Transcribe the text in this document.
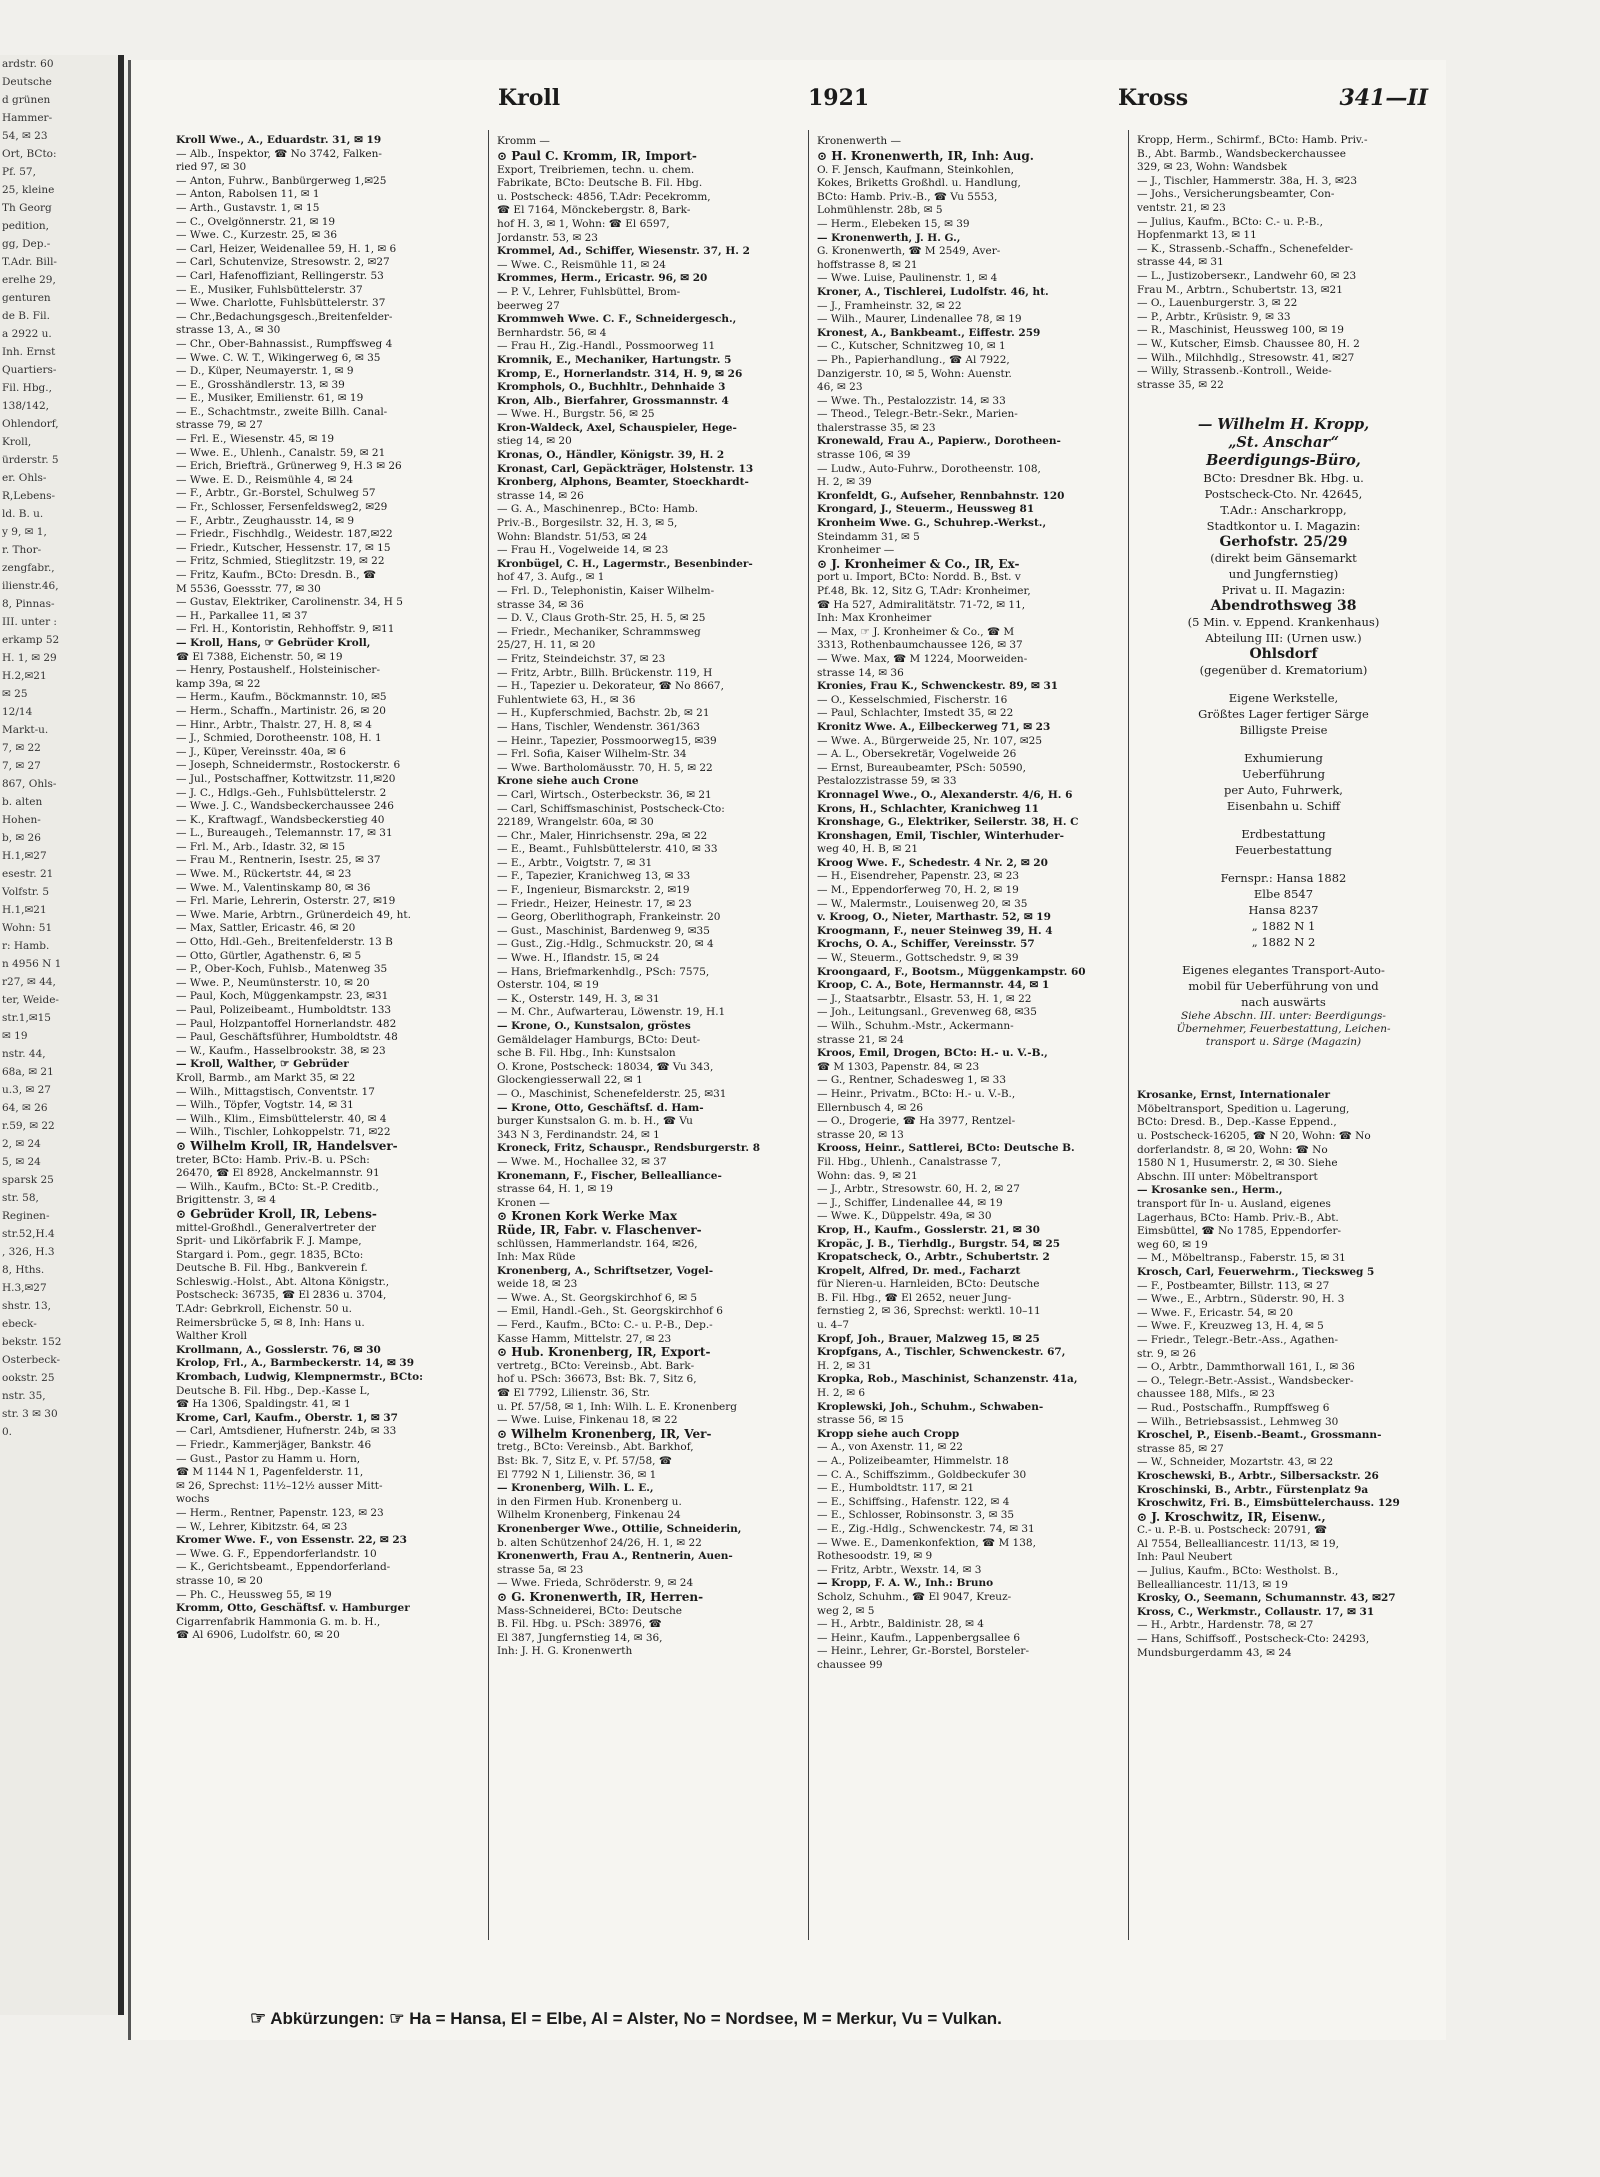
ardstr. 60
Deutsche
d grünen
Hammer-
54, ✉ 23
Ort, BCto:
Pf. 57,
25, kleine
Th Georg
pedition,
gg, Dep.-
T.Adr. Bill-
erelhe 29,
genturen
de B. Fil.
a 2922 u.
Inh. Ernst
Quartiers-
Fil. Hbg.,
138/142,
Ohlendorf,
Kroll,
ürderstr. 5
er. Ohls-
R,Lebens-
ld. B. u.
y 9, ✉ 1,
r. Thor-
zengfabr.,
ilienstr.46,
8, Pinnas-
III. unter :
erkamp 52
H. 1, ✉ 29
H.2,✉21
✉ 25
12/14
Markt-u.
7, ✉ 22
7, ✉ 27
867, Ohls-
b. alten
Hohen-
b, ✉ 26
H.1,✉27
esestr. 21
Volfstr. 5
H.1,✉21
Wohn: 51
r: Hamb.
n 4956 N 1
r27, ✉ 44,
ter, Weide-
str.1,✉15
✉ 19
nstr. 44,
68a, ✉ 21
u.3, ✉ 27
64, ✉ 26
r.59, ✉ 22
2, ✉ 24
5, ✉ 24
sparsk 25
str. 58,
Reginen-
str.52,H.4
, 326, H.3
8, Hths.
H.3,✉27
shstr. 13,
ebeck-
bekstr. 152
Osterbeck-
ookstr. 25
nstr. 35,
str. 3 ✉ 30
0.
Kroll	1921	Kross	341—II
Kroll Wwe., A., Eduardstr. 31, ✉ 19
— Alb., Inspektor, ☎ No 3742, Falken-
ried 97, ✉ 30
— Anton, Fuhrw., Banbürgerweg 1,✉25
— Anton, Rabolsen 11, ✉ 1
— Arth., Gustavstr. 1, ✉ 15
— C., Ovelgönnerstr. 21, ✉ 19
— Wwe. C., Kurzestr. 25, ✉ 36
— Carl, Heizer, Weidenallee 59, H. 1, ✉ 6
— Carl, Schutenvize, Stresowstr. 2, ✉27
— Carl, Hafenoffiziant, Rellingerstr. 53
— E., Musiker, Fuhlsbüttelerstr. 37
— Wwe. Charlotte, Fuhlsbüttelerstr. 37
— Chr.,Bedachungsgesch.,Breitenfelder-
strasse 13, A., ✉ 30
— Chr., Ober-Bahnassist., Rumpffsweg 4
— Wwe. C. W. T., Wikingerweg 6, ✉ 35
— D., Küper, Neumayerstr. 1, ✉ 9
— E., Grosshändlerstr. 13, ✉ 39
— E., Musiker, Emilienstr. 61, ✉ 19
— E., Schachtmstr., zweite Billh. Canal-
strasse 79, ✉ 27
— Frl. E., Wiesenstr. 45, ✉ 19
— Wwe. E., Uhlenh., Canalstr. 59, ✉ 21
— Erich, Briefträ., Grünerweg 9, H.3 ✉ 26
— Wwe. E. D., Reismühle 4, ✉ 24
— F., Arbtr., Gr.-Borstel, Schulweg 57
— Fr., Schlosser, Fersenfeldsweg2, ✉29
— F., Arbtr., Zeughausstr. 14, ✉ 9
— Friedr., Fischhdlg., Weidestr. 187,✉22
— Friedr., Kutscher, Hessenstr. 17, ✉ 15
— Fritz, Schmied, Stieglitzstr. 19, ✉ 22
— Fritz, Kaufm., BCto: Dresdn. B., ☎
M 5536, Goessstr. 77, ✉ 30
— Gustav, Elektriker, Carolinenstr. 34, H 5
— H., Parkallee 11, ✉ 37
— Frl. H., Kontoristin, Rehhoffstr. 9, ✉11
— Kroll, Hans, ☞ Gebrüder Kroll,
☎ El 7388, Eichenstr. 50, ✉ 19
— Henry, Postaushelf., Holsteinischer-
kamp 39a, ✉ 22
— Herm., Kaufm., Böckmannstr. 10, ✉5
— Herm., Schaffn., Martinistr. 26, ✉ 20
— Hinr., Arbtr., Thalstr. 27, H. 8, ✉ 4
— J., Schmied, Dorotheenstr. 108, H. 1
— J., Küper, Vereinsstr. 40a, ✉ 6
— Joseph, Schneidermstr., Rostockerstr. 6
— Jul., Postschaffner, Kottwitzstr. 11,✉20
— J. C., Hdlgs.-Geh., Fuhlsbüttelerstr. 2
— Wwe. J. C., Wandsbeckerchaussee 246
— K., Kraftwagf., Wandsbeckerstieg 40
— L., Bureaugeh., Telemannstr. 17, ✉ 31
— Frl. M., Arb., Idastr. 32, ✉ 15
— Frau M., Rentnerin, Isestr. 25, ✉ 37
— Wwe. M., Rückertstr. 44, ✉ 23
— Wwe. M., Valentinskamp 80, ✉ 36
— Frl. Marie, Lehrerin, Osterstr. 27, ✉19
— Wwe. Marie, Arbtrn., Grünerdeich 49, ht.
— Max, Sattler, Ericastr. 46, ✉ 20
— Otto, Hdl.-Geh., Breitenfelderstr. 13 B
— Otto, Gürtler, Agathenstr. 6, ✉ 5
— P., Ober-Koch, Fuhlsb., Matenweg 35
— Wwe. P., Neumünsterstr. 10, ✉ 20
— Paul, Koch, Müggenkampstr. 23, ✉31
— Paul, Polizeibeamt., Humboldtstr. 133
— Paul, Holzpantoffel Hornerlandstr. 482
— Paul, Geschäftsführer, Humboldtstr. 48
— W., Kaufm., Hasselbrookstr. 38, ✉ 23
— Kroll, Walther, ☞ Gebrüder
Kroll, Barmb., am Markt 35, ✉ 22
— Wilh., Mittagstisch, Conventstr. 17
— Wilh., Töpfer, Vogtstr. 14, ✉ 31
— Wilh., Klim., Eimsbüttelerstr. 40, ✉ 4
— Wilh., Tischler, Lohkoppelstr. 71, ✉22
⊙ Wilhelm Kroll, IR, Handelsver-
treter, BCto: Hamb. Priv.-B. u. PSch:
26470, ☎ El 8928, Anckelmannstr. 91
— Wilh., Kaufm., BCto: St.-P. Creditb.,
Brigittenstr. 3, ✉ 4
⊙ Gebrüder Kroll, IR, Lebens-
mittel-Großhdl., Generalvertreter der
Sprit- und Likörfabrik F. J. Mampe,
Stargard i. Pom., gegr. 1835, BCto:
Deutsche B. Fil. Hbg., Bankverein f.
Schleswig.-Holst., Abt. Altona Königstr.,
Postscheck: 36735, ☎ El 2836 u. 3704,
T.Adr: Gebrkroll, Eichenstr. 50 u.
Reimersbrücke 5, ✉ 8, Inh: Hans u.
Walther Kroll
Krollmann, A., Gosslerstr. 76, ✉ 30
Krolop, Frl., A., Barmbeckerstr. 14, ✉ 39
Krombach, Ludwig, Klempnermstr., BCto:
Deutsche B. Fil. Hbg., Dep.-Kasse L,
☎ Ha 1306, Spaldingstr. 41, ✉ 1
Krome, Carl, Kaufm., Oberstr. 1, ✉ 37
— Carl, Amtsdiener, Hufnerstr. 24b, ✉ 33
— Friedr., Kammerjäger, Bankstr. 46
— Gust., Pastor zu Hamm u. Horn,
☎ M 1144 N 1, Pagenfelderstr. 11,
✉ 26, Sprechst: 11½–12½ ausser Mitt-
wochs
— Herm., Rentner, Papenstr. 123, ✉ 23
— W., Lehrer, Kibitzstr. 64, ✉ 23
Kromer Wwe. F., von Essenstr. 22, ✉ 23
— Wwe. G. F., Eppendorferlandstr. 10
— K., Gerichtsbeamt., Eppendorferland-
strasse 10, ✉ 20
— Ph. C., Heussweg 55, ✉ 19
Kromm, Otto, Geschäftsf. v. Hamburger
Cigarrenfabrik Hammonia G. m. b. H.,
☎ Al 6906, Ludolfstr. 60, ✉ 20
Kromm —
⊙ Paul C. Kromm, IR, Import-
Export, Treibriemen, techn. u. chem.
Fabrikate, BCto: Deutsche B. Fil. Hbg.
u. Postscheck: 4856, T.Adr: Pecekromm,
☎ El 7164, Mönckebergstr. 8, Bark-
hof H. 3, ✉ 1, Wohn: ☎ El 6597,
Jordanstr. 53, ✉ 23
Krommel, Ad., Schiffer, Wiesenstr. 37, H. 2
— Wwe. C., Reismühle 11, ✉ 24
Krommes, Herm., Ericastr. 96, ✉ 20
— P. V., Lehrer, Fuhlsbüttel, Brom-
beerweg 27
Krommweh Wwe. C. F., Schneidergesch.,
Bernhardstr. 56, ✉ 4
— Frau H., Zig.-Handl., Possmoorweg 11
Kromnik, E., Mechaniker, Hartungstr. 5
Kromp, E., Hornerlandstr. 314, H. 9, ✉ 26
Kromphols, O., Buchhltr., Dehnhaide 3
Kron, Alb., Bierfahrer, Grossmannstr. 4
— Wwe. H., Burgstr. 56, ✉ 25
Kron-Waldeck, Axel, Schauspieler, Hege-
stieg 14, ✉ 20
Kronas, O., Händler, Königstr. 39, H. 2
Kronast, Carl, Gepäckträger, Holstenstr. 13
Kronberg, Alphons, Beamter, Stoeckhardt-
strasse 14, ✉ 26
— G. A., Maschinenrep., BCto: Hamb.
Priv.-B., Borgesilstr. 32, H. 3, ✉ 5,
Wohn: Blandstr. 51/53, ✉ 24
— Frau H., Vogelweide 14, ✉ 23
Kronbügel, C. H., Lagermstr., Besenbinder-
hof 47, 3. Aufg., ✉ 1
— Frl. D., Telephonistin, Kaiser Wilhelm-
strasse 34, ✉ 36
— D. V., Claus Groth-Str. 25, H. 5, ✉ 25
— Friedr., Mechaniker, Schrammsweg
25/27, H. 11, ✉ 20
— Fritz, Steindeichstr. 37, ✉ 23
— Fritz, Arbtr., Billh. Brückenstr. 119, H
— H., Tapezier u. Dekorateur, ☎ No 8667,
Fuhlentwiete 63, H., ✉ 36
— H., Kupferschmied, Bachstr. 2b, ✉ 21
— Hans, Tischler, Wendenstr. 361/363
— Heinr., Tapezier, Possmoorweg15, ✉39
— Frl. Sofia, Kaiser Wilhelm-Str. 34
— Wwe. Bartholomäusstr. 70, H. 5, ✉ 22
Krone siehe auch Crone
— Carl, Wirtsch., Osterbeckstr. 36, ✉ 21
— Carl, Schiffsmaschinist, Postscheck-Cto:
22189, Wrangelstr. 60a, ✉ 30
— Chr., Maler, Hinrichsenstr. 29a, ✉ 22
— E., Beamt., Fuhlsbüttelerstr. 410, ✉ 33
— E., Arbtr., Voigtstr. 7, ✉ 31
— F., Tapezier, Kranichweg 13, ✉ 33
— F., Ingenieur, Bismarckstr. 2, ✉19
— Friedr., Heizer, Heinestr. 17, ✉ 23
— Georg, Oberlithograph, Frankeinstr. 20
— Gust., Maschinist, Bardenweg 9, ✉35
— Gust., Zig.-Hdlg., Schmuckstr. 20, ✉ 4
— Wwe. H., Iflandstr. 15, ✉ 24
— Hans, Briefmarkenhdlg., PSch: 7575,
Osterstr. 104, ✉ 19
— K., Osterstr. 149, H. 3, ✉ 31
— M. Chr., Aufwarterau, Löwenstr. 19, H.1
— Krone, O., Kunstsalon, gröstes
Gemäldelager Hamburgs, BCto: Deut-
sche B. Fil. Hbg., Inh: Kunstsalon
O. Krone, Postscheck: 18034, ☎ Vu 343,
Glockengiesserwall 22, ✉ 1
— O., Maschinist, Schenefelderstr. 25, ✉31
— Krone, Otto, Geschäftsf. d. Ham-
burger Kunstsalon G. m. b. H., ☎ Vu
343 N 3, Ferdinandstr. 24, ✉ 1
Kroneck, Fritz, Schauspr., Rendsburgerstr. 8
— Wwe. M., Hochallee 32, ✉ 37
Kronemann, F., Fischer, Bellealliance-
strasse 64, H. 1, ✉ 19
Kronen —
⊙ Kronen Kork Werke Max
Rüde, IR, Fabr. v. Flaschenver-
schlüssen, Hammerlandstr. 164, ✉26,
Inh: Max Rüde
Kronenberg, A., Schriftsetzer, Vogel-
weide 18, ✉ 23
— Wwe. A., St. Georgskirchhof 6, ✉ 5
— Emil, Handl.-Geh., St. Georgskirchhof 6
— Ferd., Kaufm., BCto: C.- u. P.-B., Dep.-
Kasse Hamm, Mittelstr. 27, ✉ 23
⊙ Hub. Kronenberg, IR, Export-
vertretg., BCto: Vereinsb., Abt. Bark-
hof u. PSch: 36673, Bst: Bk. 7, Sitz 6,
☎ El 7792, Lilienstr. 36, Str.
u. Pf. 57/58, ✉ 1, Inh: Wilh. L. E. Kronenberg
— Wwe. Luise, Finkenau 18, ✉ 22
⊙ Wilhelm Kronenberg, IR, Ver-
tretg., BCto: Vereinsb., Abt. Barkhof,
Bst: Bk. 7, Sitz E, v. Pf. 57/58, ☎
El 7792 N 1, Lilienstr. 36, ✉ 1
— Kronenberg, Wilh. L. E.,
in den Firmen Hub. Kronenberg u.
Wilhelm Kronenberg, Finkenau 24
Kronenberger Wwe., Ottilie, Schneiderin,
b. alten Schützenhof 24/26, H. 1, ✉ 22
Kronenwerth, Frau A., Rentnerin, Auen-
strasse 5a, ✉ 23
— Wwe. Frieda, Schröderstr. 9, ✉ 24
⊙ G. Kronenwerth, IR, Herren-
Mass-Schneiderei, BCto: Deutsche
B. Fil. Hbg. u. PSch: 38976, ☎
El 387, Jungfernstieg 14, ✉ 36,
Inh: J. H. G. Kronenwerth
Kronenwerth —
⊙ H. Kronenwerth, IR, Inh: Aug.
O. F. Jensch, Kaufmann, Steinkohlen,
Kokes, Briketts Großhdl. u. Handlung,
BCto: Hamb. Priv.-B., ☎ Vu 5553,
Lohmühlenstr. 28b, ✉ 5
— Herm., Elebeken 15, ✉ 39
— Kronenwerth, J. H. G.,
G. Kronenwerth, ☎ M 2549, Aver-
hoffstrasse 8, ✉ 21
— Wwe. Luise, Paulinenstr. 1, ✉ 4
Kroner, A., Tischlerei, Ludolfstr. 46, ht.
— J., Framheinstr. 32, ✉ 22
— Wilh., Maurer, Lindenallee 78, ✉ 19
Kronest, A., Bankbeamt., Eiffestr. 259
— C., Kutscher, Schnitzweg 10, ✉ 1
— Ph., Papierhandlung., ☎ Al 7922,
Danzigerstr. 10, ✉ 5, Wohn: Auenstr.
46, ✉ 23
— Wwe. Th., Pestalozzistr. 14, ✉ 33
— Theod., Telegr.-Betr.-Sekr., Marien-
thalerstrasse 35, ✉ 23
Kronewald, Frau A., Papierw., Dorotheen-
strasse 106, ✉ 39
— Ludw., Auto-Fuhrw., Dorotheenstr. 108,
H. 2, ✉ 39
Kronfeldt, G., Aufseher, Rennbahnstr. 120
Krongard, J., Steuerm., Heussweg 81
Kronheim Wwe. G., Schuhrep.-Werkst.,
Steindamm 31, ✉ 5
Kronheimer —
⊙ J. Kronheimer & Co., IR, Ex-
port u. Import, BCto: Nordd. B., Bst. v
Pf.48, Bk. 12, Sitz G, T.Adr: Kronheimer,
☎ Ha 527, Admiralitätstr. 71-72, ✉ 11,
Inh: Max Kronheimer
— Max, ☞ J. Kronheimer & Co., ☎ M
3313, Rothenbaumchaussee 126, ✉ 37
— Wwe. Max, ☎ M 1224, Moorweiden-
strasse 14, ✉ 36
Kronies, Frau K., Schwenckestr. 89, ✉ 31
— O., Kesselschmied, Fischerstr. 16
— Paul, Schlachter, Imstedt 35, ✉ 22
Kronitz Wwe. A., Eilbeckerweg 71, ✉ 23
— Wwe. A., Bürgerweide 25, Nr. 107, ✉25
— A. L., Obersekretär, Vogelweide 26
— Ernst, Bureaubeamter, PSch: 50590,
Pestalozzistrasse 59, ✉ 33
Kronnagel Wwe., O., Alexanderstr. 4/6, H. 6
Krons, H., Schlachter, Kranichweg 11
Kronshage, G., Elektriker, Seilerstr. 38, H. C
Kronshagen, Emil, Tischler, Winterhuder-
weg 40, H. B, ✉ 21
Kroog Wwe. F., Schedestr. 4 Nr. 2, ✉ 20
— H., Eisendreher, Papenstr. 23, ✉ 23
— M., Eppendorferweg 70, H. 2, ✉ 19
— W., Malermstr., Louisenweg 20, ✉ 35
v. Kroog, O., Nieter, Marthastr. 52, ✉ 19
Kroogmann, F., neuer Steinweg 39, H. 4
Krochs, O. A., Schiffer, Vereinsstr. 57
— W., Steuerm., Gottschedstr. 9, ✉ 39
Kroongaard, F., Bootsm., Müggenkampstr. 60
Kroop, C. A., Bote, Hermannstr. 44, ✉ 1
— J., Staatsarbtr., Elsastr. 53, H. 1, ✉ 22
— Joh., Leitungsanl., Grevenweg 68, ✉35
— Wilh., Schuhm.-Mstr., Ackermann-
strasse 21, ✉ 24
Kroos, Emil, Drogen, BCto: H.- u. V.-B.,
☎ M 1303, Papenstr. 84, ✉ 23
— G., Rentner, Schadesweg 1, ✉ 33
— Heinr., Privatm., BCto: H.- u. V.-B.,
Ellernbusch 4, ✉ 26
— O., Drogerie, ☎ Ha 3977, Rentzel-
strasse 20, ✉ 13
Krooss, Heinr., Sattlerei, BCto: Deutsche B.
Fil. Hbg., Uhlenh., Canalstrasse 7,
Wohn: das. 9, ✉ 21
— J., Arbtr., Stresowstr. 60, H. 2, ✉ 27
— J., Schiffer, Lindenallee 44, ✉ 19
— Wwe. K., Düppelstr. 49a, ✉ 30
Krop, H., Kaufm., Gosslerstr. 21, ✉ 30
Kropäc, J. B., Tierhdlg., Burgstr. 54, ✉ 25
Kropatscheck, O., Arbtr., Schubertstr. 2
Kropelt, Alfred, Dr. med., Facharzt
für Nieren-u. Harnleiden, BCto: Deutsche
B. Fil. Hbg., ☎ El 2652, neuer Jung-
fernstieg 2, ✉ 36, Sprechst: werktl. 10–11
u. 4–7
Kropf, Joh., Brauer, Malzweg 15, ✉ 25
Kropfgans, A., Tischler, Schwenckestr. 67,
H. 2, ✉ 31
Kropka, Rob., Maschinist, Schanzenstr. 41a,
H. 2, ✉ 6
Kroplewski, Joh., Schuhm., Schwaben-
strasse 56, ✉ 15
Kropp siehe auch Cropp
— A., von Axenstr. 11, ✉ 22
— A., Polizeibeamter, Himmelstr. 18
— C. A., Schiffszimm., Goldbeckufer 30
— E., Humboldtstr. 117, ✉ 21
— E., Schiffsing., Hafenstr. 122, ✉ 4
— E., Schlosser, Robinsonstr. 3, ✉ 35
— E., Zig.-Hdlg., Schwenckestr. 74, ✉ 31
— Wwe. E., Damenkonfektion, ☎ M 138,
Rothesoodstr. 19, ✉ 9
— Fritz, Arbtr., Wexstr. 14, ✉ 3
— Kropp, F. A. W., Inh.: Bruno
Scholz, Schuhm., ☎ El 9047, Kreuz-
weg 2, ✉ 5
— H., Arbtr., Baldinistr. 28, ✉ 4
— Heinr., Kaufm., Lappenbergsallee 6
— Heinr., Lehrer, Gr.-Borstel, Borsteler-
chaussee 99
Kropp, Herm., Schirmf., BCto: Hamb. Priv.-
B., Abt. Barmb., Wandsbeckerchaussee
329, ✉ 23, Wohn: Wandsbek
— J., Tischler, Hammerstr. 38a, H. 3, ✉23
— Johs., Versicherungsbeamter, Con-
ventstr. 21, ✉ 23
— Julius, Kaufm., BCto: C.- u. P.-B.,
Hopfenmarkt 13, ✉ 11
— K., Strassenb.-Schaffn., Schenefelder-
strasse 44, ✉ 31
— L., Justizoberseкr., Landwehr 60, ✉ 23
Frau M., Arbtrn., Schubertstr. 13, ✉21
— O., Lauenburgerstr. 3, ✉ 22
— P., Arbtr., Krüsistr. 9, ✉ 33
— R., Maschinist, Heussweg 100, ✉ 19
— W., Kutscher, Eimsb. Chaussee 80, H. 2
— Wilh., Milchhdlg., Stresowstr. 41, ✉27
— Willy, Strassenb.-Kontroll., Weide-
strasse 35, ✉ 22
— Wilhelm H. Kropp,
„St. Anschar“
Beerdigungs-Büro,
BCto: Dresdner Bk. Hbg. u.
Postscheck-Cto. Nr. 42645,
T.Adr.: Anscharkropp,
Stadtkontor u. I. Magazin:
Gerhofstr. 25/29
(direkt beim Gänsemarkt
und Jungfernstieg)
Privat u. II. Magazin:
Abendrothsweg 38
(5 Min. v. Eppend. Krankenhaus)
Abteilung III: (Urnen usw.)
Ohlsdorf
(gegenüber d. Krematorium)
Eigene Werkstelle,
Größtes Lager fertiger Särge
Billigste Preise
Exhumierung
Ueberführung
per Auto, Fuhrwerk,
Eisenbahn u. Schiff
Erdbestattung
Feuerbestattung
Fernspr.: Hansa 1882
Elbe 8547
Hansa 8237
„ 1882 N 1
„ 1882 N 2
Eigenes elegantes Transport-Auto-
mobil für Ueberführung von und
nach auswärts
Siehe Abschn. III. unter: Beerdigungs-
Übernehmer, Feuerbestattung, Leichen-
transport u. Särge (Magazin)
Krosanke, Ernst, Internationaler
Möbeltransport, Spedition u. Lagerung,
BCto: Dresd. B., Dep.-Kasse Eppend.,
u. Postscheck-16205, ☎ N 20, Wohn: ☎ No
dorferlandstr. 8, ✉ 20, Wohn: ☎ No
1580 N 1, Husumerstr. 2, ✉ 30. Siehe
Abschn. III unter: Möbeltransport
— Krosanke sen., Herm.,
transport für In- u. Ausland, eigenes
Lagerhaus, BCto: Hamb. Priv.-B., Abt.
Eimsbüttel, ☎ No 1785, Eppendorfer-
weg 60, ✉ 19
— M., Möbeltransp., Faberstr. 15, ✉ 31
Krosch, Carl, Feuerwehrm., Tiecksweg 5
— F., Postbeamter, Billstr. 113, ✉ 27
— Wwe., E., Arbtrn., Süderstr. 90, H. 3
— Wwe. F., Ericastr. 54, ✉ 20
— Wwe. F., Kreuzweg 13, H. 4, ✉ 5
— Friedr., Telegr.-Betr.-Ass., Agathen-
str. 9, ✉ 26
— O., Arbtr., Dammthorwall 161, I., ✉ 36
— O., Telegr.-Betr.-Assist., Wandsbecker-
chaussee 188, Mlfs., ✉ 23
— Rud., Postschaffn., Rumpffsweg 6
— Wilh., Betriebsassist., Lehmweg 30
Kroschel, P., Eisenb.-Beamt., Grossmann-
strasse 85, ✉ 27
— W., Schneider, Mozartstr. 43, ✉ 22
Kroschewski, B., Arbtr., Silbersackstr. 26
Kroschinski, B., Arbtr., Fürstenplatz 9a
Kroschwitz, Fri. B., Eimsbüttelerchauss. 129
⊙ J. Kroschwitz, IR, Eisenw.,
C.- u. P.-B. u. Postscheck: 20791, ☎
Al 7554, Bellealliancestr. 11/13, ✉ 19,
Inh: Paul Neubert
— Julius, Kaufm., BCto: Westholst. B.,
Bellealliancestr. 11/13, ✉ 19
Krosky, O., Seemann, Schumannstr. 43, ✉27
Kross, C., Werkmstr., Collaustr. 17, ✉ 31
— H., Arbtr., Hardenstr. 78, ✉ 27
— Hans, Schiffsoff., Postscheck-Cto: 24293,
Mundsburgerdamm 43, ✉ 24
☞ Abkürzungen: ☞ Ha = Hansa, El = Elbe, Al = Alster, No = Nordsee, M = Merkur, Vu = Vulkan.
